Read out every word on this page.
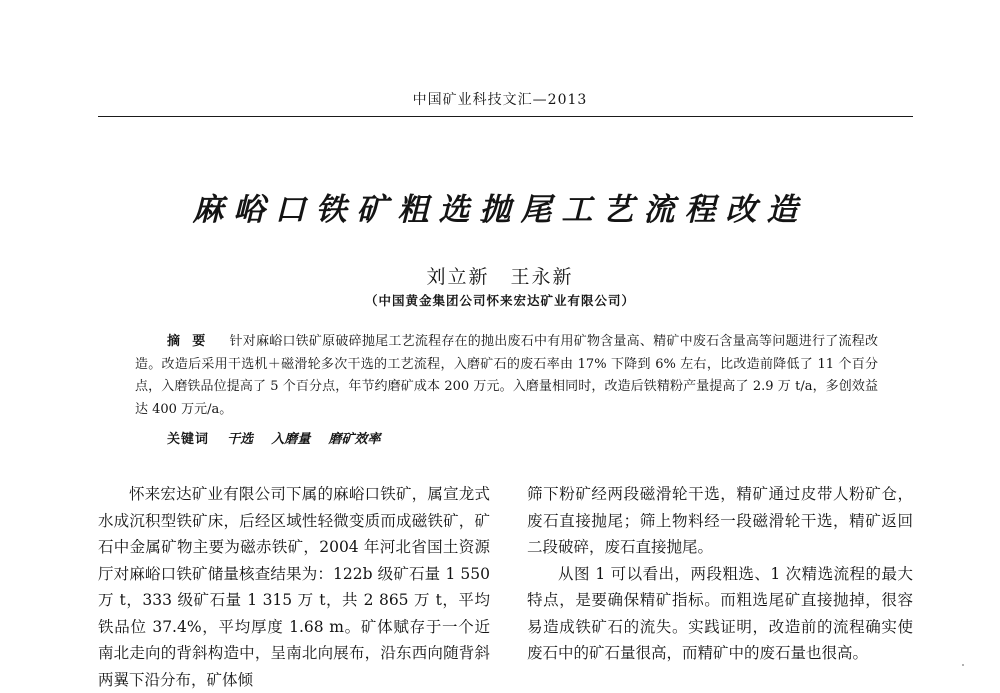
中国矿业科技文汇—2013
麻峪口铁矿粗选抛尾工艺流程改造
刘立新　王永新
（中国黄金集团公司怀来宏达矿业有限公司）
摘要 针对麻峪口铁矿原破碎抛尾工艺流程存在的抛出废石中有用矿物含量高、精矿中废石含量高等问题进行了流程改造。改造后采用干选机＋磁滑轮多次干选的工艺流程，入磨矿石的废石率由 17% 下降到 6% 左右，比改造前降低了 11 个百分点，入磨铁品位提高了 5 个百分点，年节约磨矿成本 200 万元。入磨量相同时，改造后铁精粉产量提高了 2.9 万 t/a，多创效益达 400 万元/a。
关键词 干选 入磨量 磨矿效率

怀来宏达矿业有限公司下属的麻峪口铁矿，属宣龙式水成沉积型铁矿床，后经区域性轻微变质而成磁铁矿，矿石中金属矿物主要为磁赤铁矿，2004 年河北省国土资源厅对麻峪口铁矿储量核查结果为：122b 级矿石量 1 550 万 t，333 级矿石量 1 315 万 t，共 2 865 万 t，平均铁品位 37.4%，平均厚度 1.68 m。矿体赋存于一个近南北走向的背斜构造中，呈南北向展布，沿东西向随背斜两翼下沿分布，矿体倾

筛下粉矿经两段磁滑轮干选，精矿通过皮带人粉矿仓，废石直接抛尾；筛上物料经一段磁滑轮干选，精矿返回二段破碎，废石直接抛尾。

从图 1 可以看出，两段粗选、1 次精选流程的最大特点，是要确保精矿指标。而粗选尾矿直接抛掉，很容易造成铁矿石的流失。实践证明，改造前的流程确实使废石中的矿石量很高，而精矿中的废石量也很高。
